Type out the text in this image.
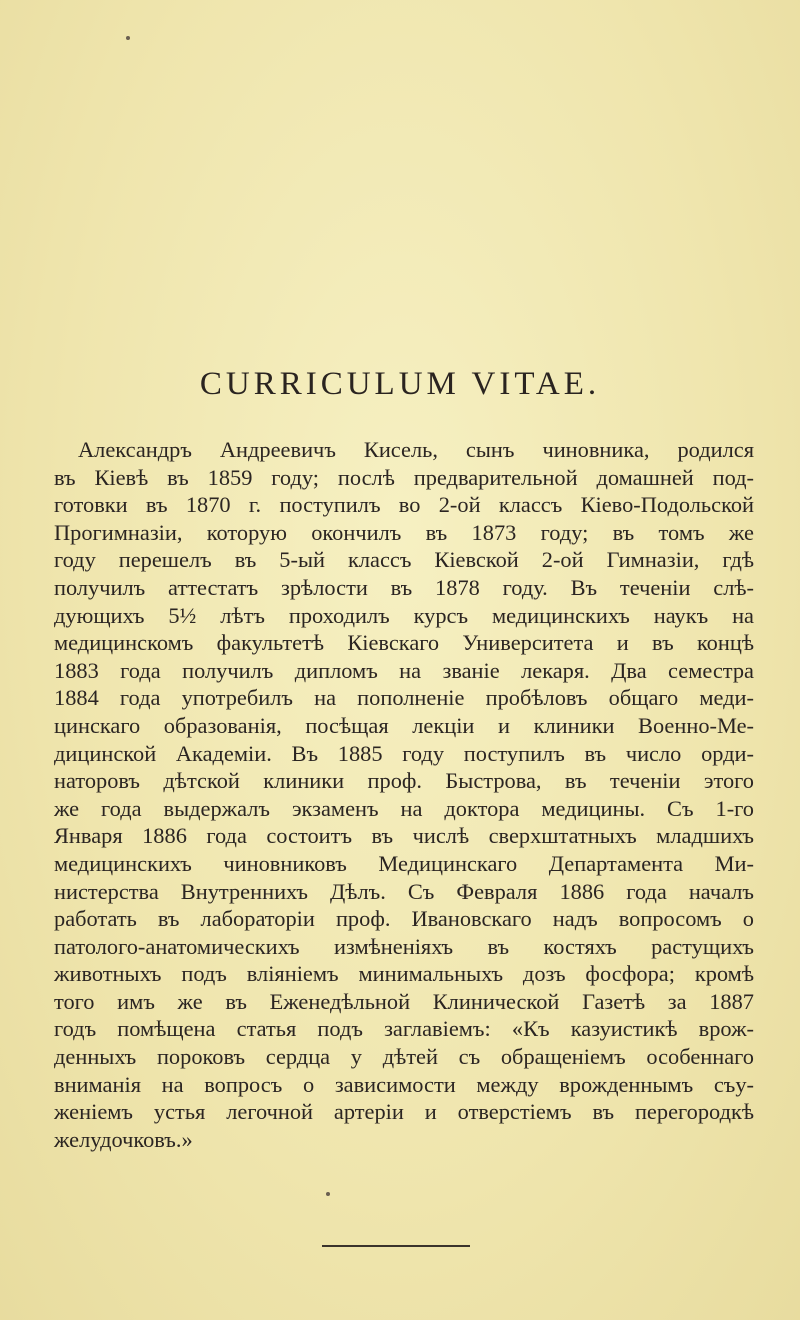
CURRICULUM VITAE.
Александръ Андреевичъ Кисель, сынъ чиновника, родился
въ Кіевѣ въ 1859 году; послѣ предварительной домашней под-
готовки въ 1870 г. поступилъ во 2-ой классъ Кіево-Подольской
Прогимназіи, которую окончилъ въ 1873 году; въ томъ же
году перешелъ въ 5-ый классъ Кіевской 2-ой Гимназіи, гдѣ
получилъ аттестатъ зрѣлости въ 1878 году. Въ теченіи слѣ-
дующихъ 5½ лѣтъ проходилъ курсъ медицинскихъ наукъ на
медицинскомъ факультетѣ Кіевскаго Университета и въ концѣ
1883 года получилъ дипломъ на званіе лекаря. Два семестра
1884 года употребилъ на пополненіе пробѣловъ общаго меди-
цинскаго образованія, посѣщая лекціи и клиники Военно-Ме-
дицинской Академіи. Въ 1885 году поступилъ въ число орди-
наторовъ дѣтской клиники проф. Быстрова, въ теченіи этого
же года выдержалъ экзаменъ на доктора медицины. Съ 1-го
Января 1886 года состоитъ въ числѣ сверхштатныхъ младшихъ
медицинскихъ чиновниковъ Медицинскаго Департамента Ми-
нистерства Внутреннихъ Дѣлъ. Съ Февраля 1886 года началъ
работать въ лабораторіи проф. Ивановскаго надъ вопросомъ о
патолого-анатомическихъ измѣненіяхъ въ костяхъ растущихъ
животныхъ подъ вліяніемъ минимальныхъ дозъ фосфора; кромѣ
того имъ же въ Еженедѣльной Клинической Газетѣ за 1887
годъ помѣщена статья подъ заглавіемъ: «Къ казуистикѣ врож-
денныхъ пороковъ сердца у дѣтей съ обращеніемъ особеннаго
вниманія на вопросъ о зависимости между врожденнымъ съу-
женіемъ устья легочной артеріи и отверстіемъ въ перегородкѣ
желудочковъ.»
